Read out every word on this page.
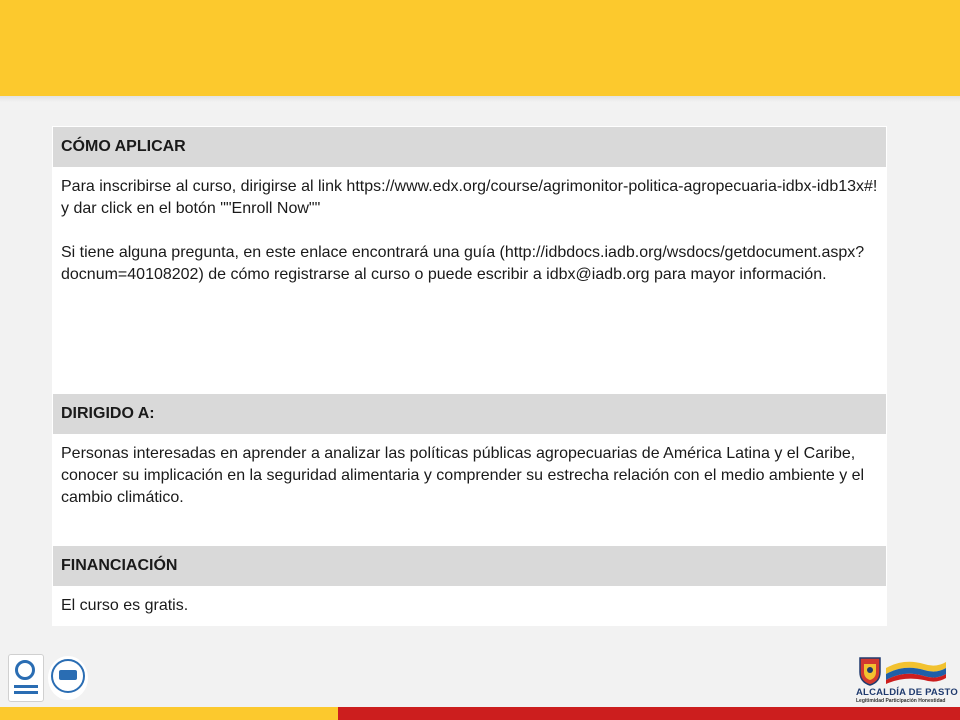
CÓMO APLICAR

Para inscribirse al curso, dirigirse al link https://www.edx.org/course/agrimonitor-politica-agropecuaria-idbx-idb13x#! y dar click en el botón ""Enroll Now""
Si tiene alguna pregunta, en este enlace encontrará una guía (http://idbdocs.iadb.org/wsdocs/getdocument.aspx?docnum=40108202) de cómo registrarse al curso o puede escribir a idbx@iadb.org para mayor información.

DIRIGIDO A:

Personas interesadas en aprender a analizar las políticas públicas agropecuarias de América Latina y el Caribe, conocer su implicación en la seguridad alimentaria y comprender su estrecha relación con el medio ambiente y el cambio climático.

FINANCIACIÓN
El curso es gratis.
ALCALDÍA DE PASTO
Legitimidad Participación Honestidad
